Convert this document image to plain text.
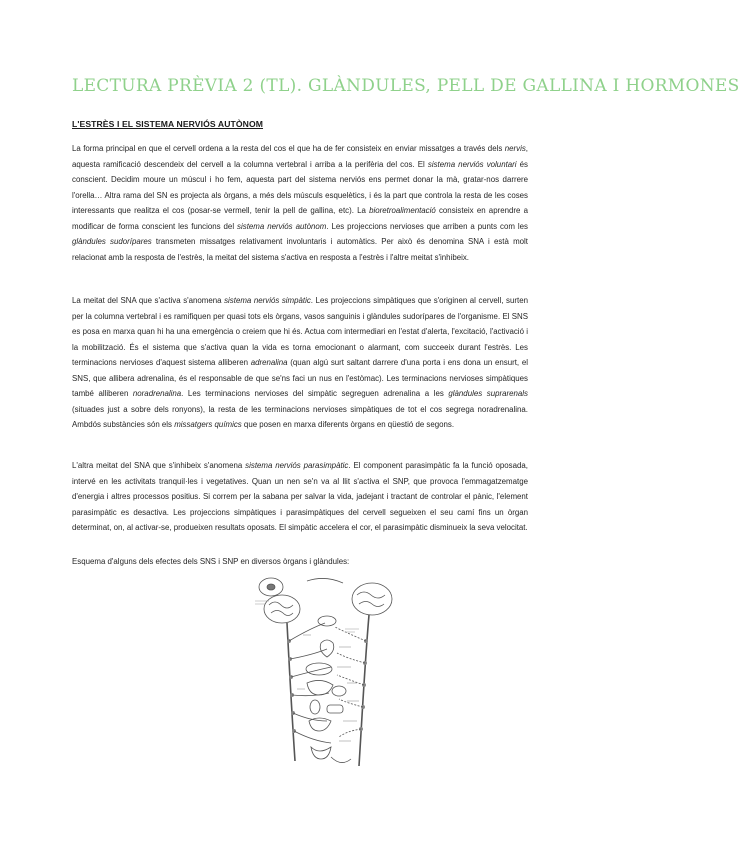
LECTURA PRÈVIA 2 (TL). GLÀNDULES, PELL DE GALLINA I HORMONES
L'ESTRÈS I EL SISTEMA NERVIÓS AUTÒNOM

La forma principal en que el cervell ordena a la resta del cos el que ha de fer consisteix en enviar missatges a través dels nervis, aquesta ramificació descendeix del cervell a la columna vertebral i arriba a la perifèria del cos. El sistema nerviós voluntari és conscient. Decidim moure un múscul i ho fem, aquesta part del sistema nerviós ens permet donar la mà, gratar-nos darrere l'orella… Altra rama del SN es projecta als òrgans, a més dels músculs esquelètics, i és la part que controla la resta de les coses interessants que realitza el cos (posar-se vermell, tenir la pell de gallina, etc). La bioretroalimentació consisteix en aprendre a modificar de forma conscient les funcions del sistema nerviós autònom. Les projeccions nervioses que arriben a punts com les glàndules sudorípares transmeten missatges relativament involuntaris i automàtics. Per això és denomina SNA i està molt relacionat amb la resposta de l'estrès, la meitat del sistema s'activa en resposta a l'estrès i l'altre meitat s'inhibeix.

La meitat del SNA que s'activa s'anomena sistema nerviós simpàtic. Les projeccions simpàtiques que s'originen al cervell, surten per la columna vertebral i es ramifiquen per quasi tots els òrgans, vasos sanguinis i glàndules sudorípares de l'organisme. El SNS es posa en marxa quan hi ha una emergència o creiem que hi és. Actua com intermediari en l'estat d'alerta, l'excitació, l'activació i la mobilització. És el sistema que s'activa quan la vida es torna emocionant o alarmant, com succeeix durant l'estrès. Les terminacions nervioses d'aquest sistema alliberen adrenalina (quan algú surt saltant darrere d'una porta i ens dona un ensurt, el SNS, que allibera adrenalina, és el responsable de que se'ns faci un nus en l'estòmac). Les terminacions nervioses simpàtiques també alliberen noradrenalina. Les terminacions nervioses del simpàtic segreguen adrenalina a les glàndules suprarenals (situades just a sobre dels ronyons), la resta de les terminacions nervioses simpàtiques de tot el cos segrega noradrenalina. Ambdós substàncies són els missatgers químics que posen en marxa diferents òrgans en qüestió de segons.

L'altra meitat del SNA que s'inhibeix s'anomena sistema nerviós parasimpàtic. El component parasimpàtic fa la funció oposada, intervé en les activitats tranquil·les i vegetatives. Quan un nen se'n va al llit s'activa el SNP, que provoca l'emmagatzematge d'energia i altres processos positius. Si correm per la sabana per salvar la vida, jadejant i tractant de controlar el pànic, l'element parasimpàtic es desactiva. Les projeccions simpàtiques i parasimpàtiques del cervell segueixen el seu camí fins un òrgan determinat, on, al activar-se, produeixen resultats oposats. El simpàtic accelera el cor, el parasimpàtic disminueix la seva velocitat.

Esquema d'alguns dels efectes dels SNS i SNP en diversos òrgans i glàndules:
